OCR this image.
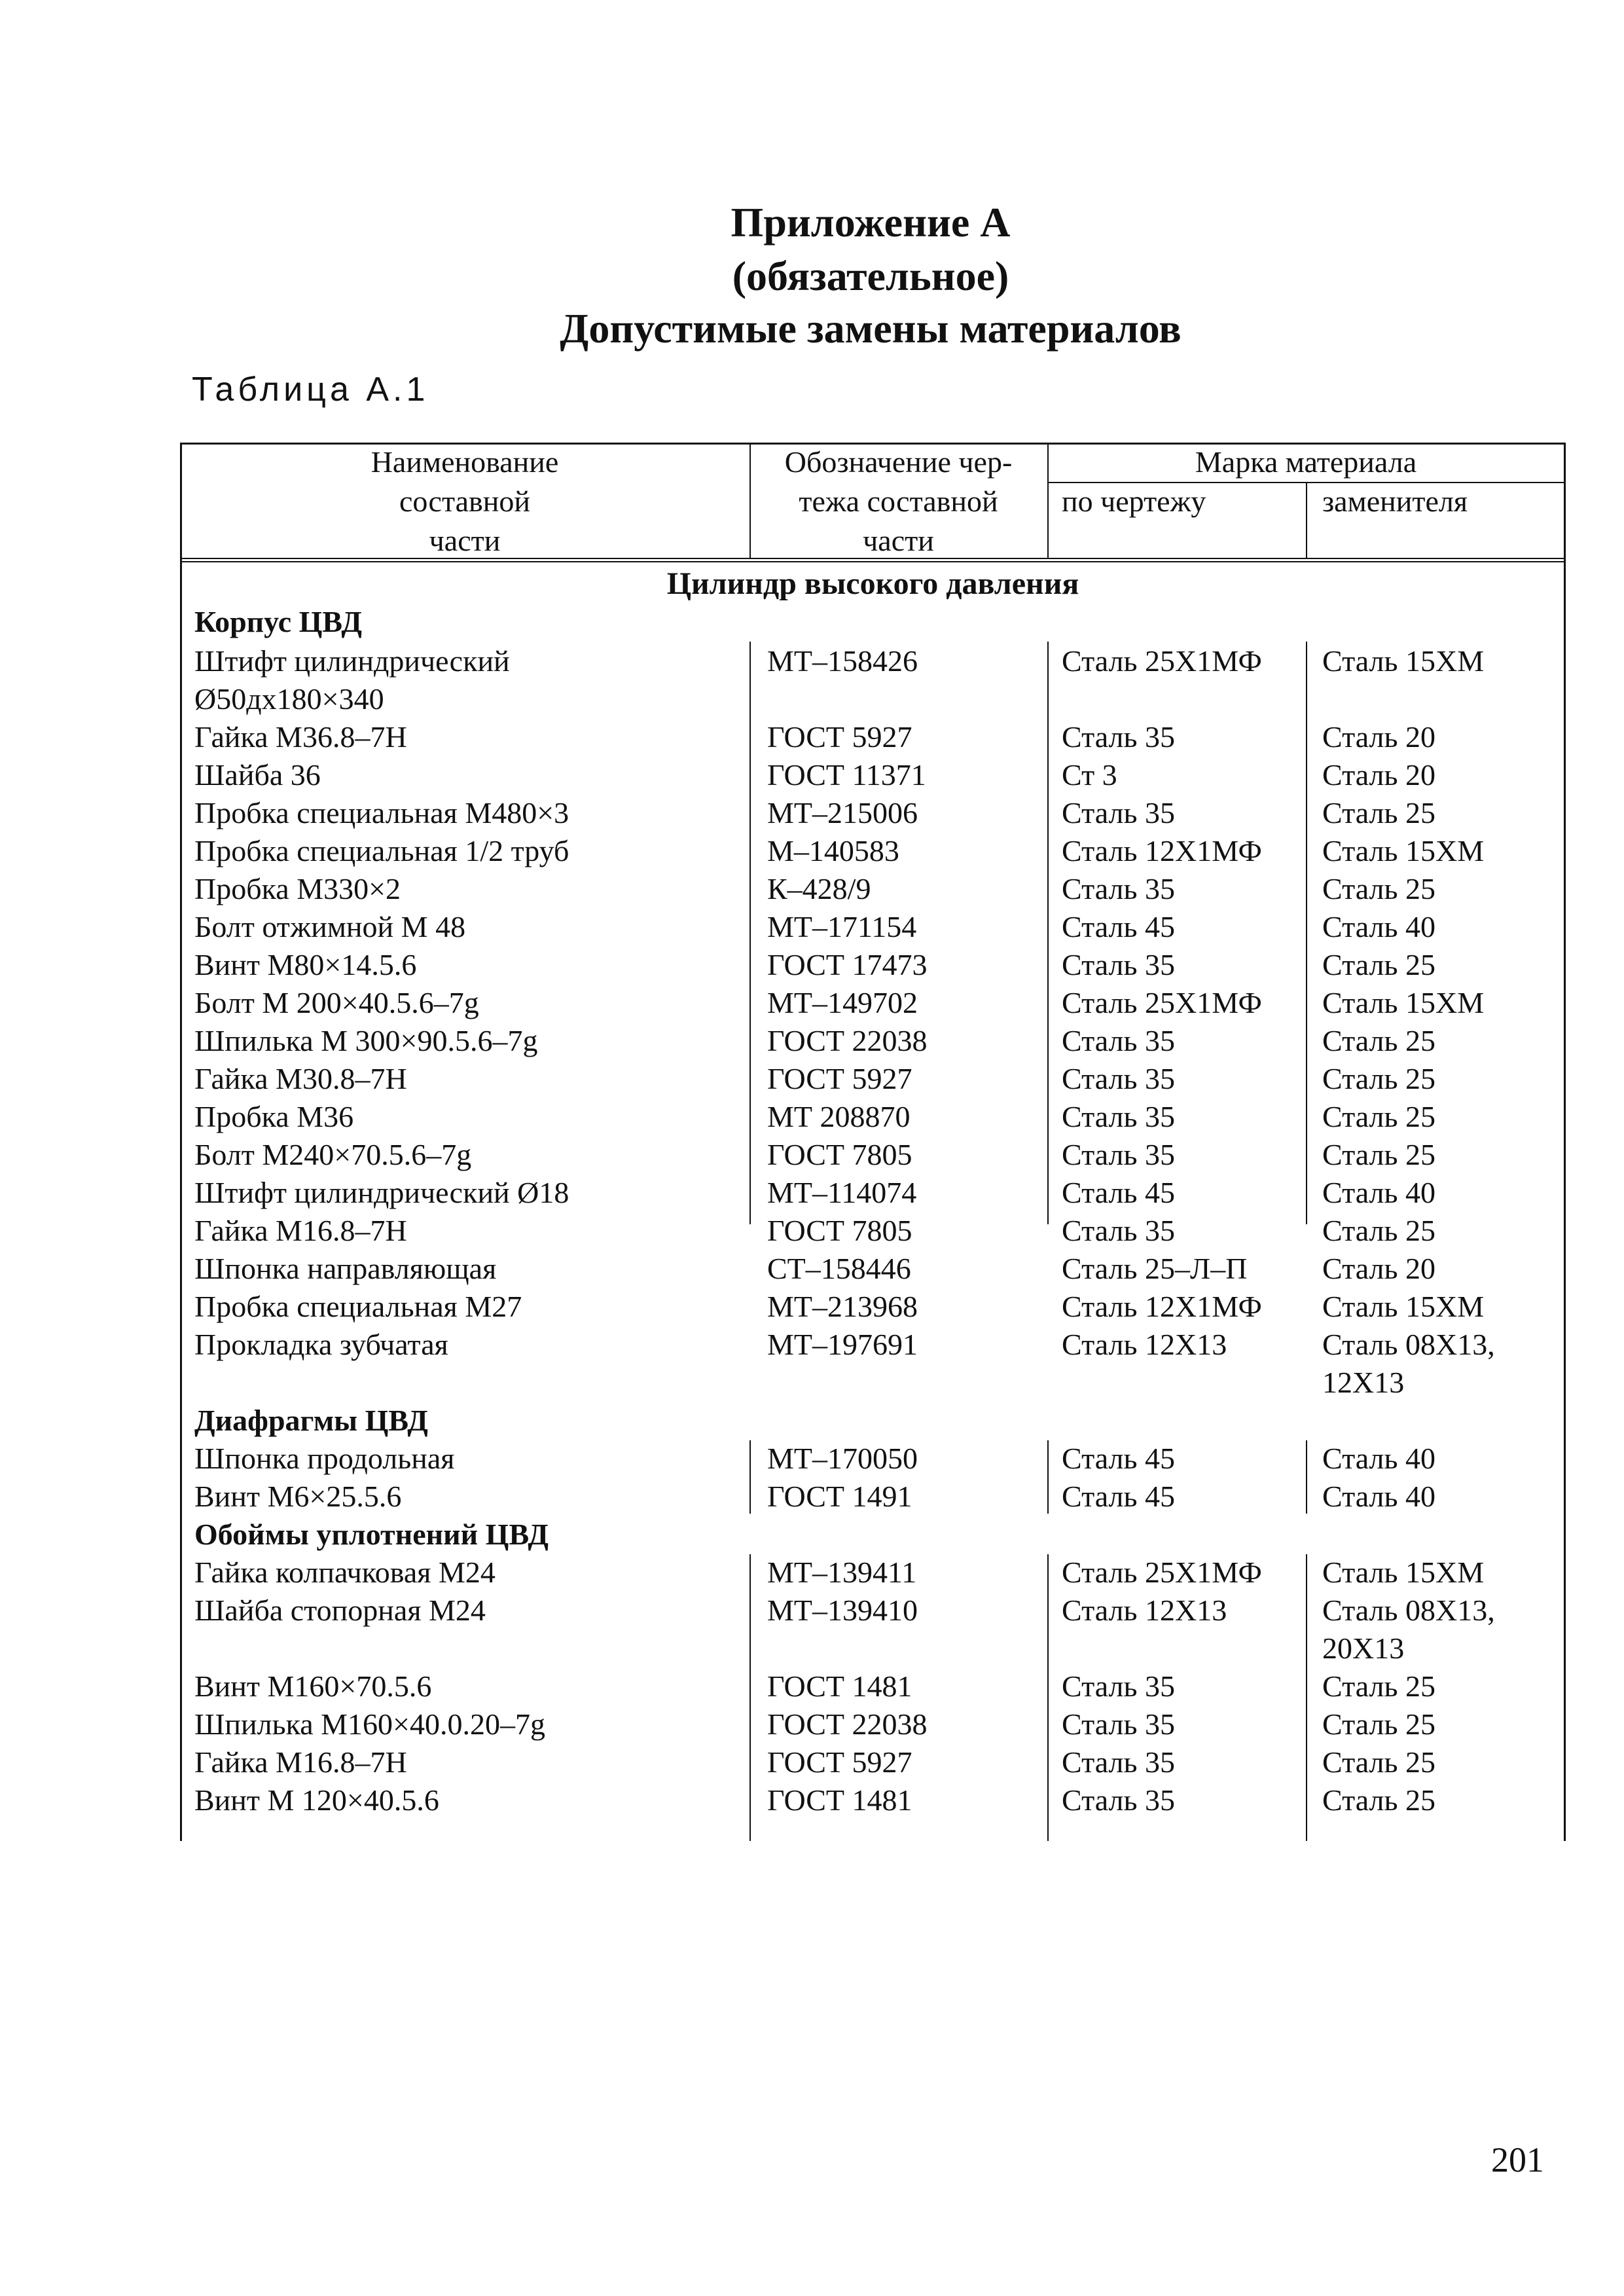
Приложение А
(обязательное)
Допустимые замены материалов
Таблица А.1
Наименование
составной
части
Обозначение чер-
тежа составной
части
Марка материала
по чертежу	заменителя
Цилиндр высокого давления
Корпус ЦВД
Штифт цилиндрический	МТ–158426	Сталь 25Х1МФ Сталь 15ХМ
Ø50дх180×340
Гайка М36.8–7Н	ГОСТ 5927	Сталь 35	Сталь 20
Шайба 36	ГОСТ 11371	Ст 3	Сталь 20
Пробка специальная М480×3	МТ–215006	Сталь 35	Сталь 25
Пробка специальная 1/2 труб	М–140583	Сталь 12Х1МФ Сталь 15ХМ
Пробка М330×2	К–428/9	Сталь 35	Сталь 25
Болт отжимной М 48	МТ–171154	Сталь 45	Сталь 40
Винт М80×14.5.6	ГОСТ 17473	Сталь 35	Сталь 25
Болт М 200×40.5.6–7g	МТ–149702	Сталь 25Х1МФ Сталь 15ХМ
Шпилька М 300×90.5.6–7g	ГОСТ 22038	Сталь 35	Сталь 25
Гайка М30.8–7Н	ГОСТ 5927	Сталь 35	Сталь 25
Пробка М36	МТ 208870	Сталь 35	Сталь 25
Болт М240×70.5.6–7g	ГОСТ 7805	Сталь 35	Сталь 25
Штифт цилиндрический Ø18	МТ–114074	Сталь 45	Сталь 40
Гайка М16.8–7Н	ГОСТ 7805	Сталь 35	Сталь 25
Шпонка направляющая	СТ–158446	Сталь 25–Л–П Сталь 20
Пробка специальная М27	МТ–213968	Сталь 12Х1МФ Сталь 15ХМ
Прокладка зубчатая	МТ–197691	Сталь 12Х13	Сталь 08Х13,
12Х13
Диафрагмы ЦВД
Шпонка продольная	МТ–170050	Сталь 45	Сталь 40
Винт М6×25.5.6	ГОСТ 1491	Сталь 45	Сталь 40
Обоймы уплотнений ЦВД
Гайка колпачковая М24	МТ–139411	Сталь 25Х1МФ Сталь 15ХМ
Шайба стопорная М24	МТ–139410	Сталь 12Х13	Сталь 08Х13,
20Х13
Винт М160×70.5.6	ГОСТ 1481	Сталь 35	Сталь 25
Шпилька М160×40.0.20–7g	ГОСТ 22038	Сталь 35	Сталь 25
Гайка М16.8–7Н	ГОСТ 5927	Сталь 35	Сталь 25
Винт М 120×40.5.6	ГОСТ 1481	Сталь 35	Сталь 25
201
